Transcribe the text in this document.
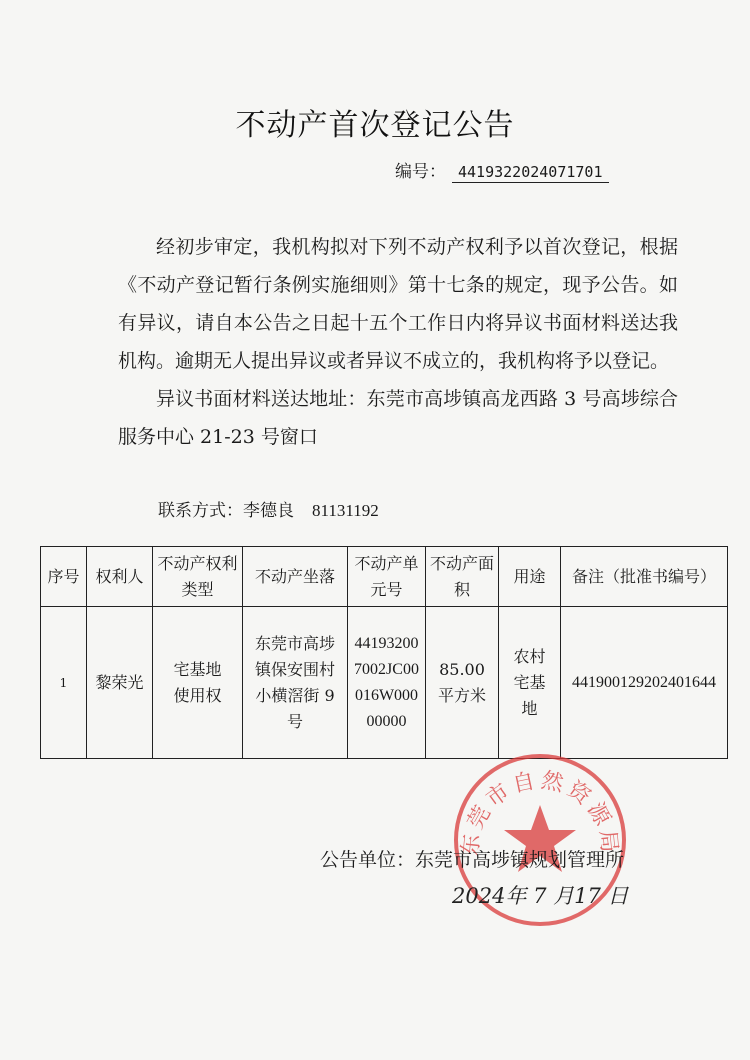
不动产首次登记公告
编号： 4419322024071701

经初步审定，我机构拟对下列不动产权利予以首次登记，根据《不动产登记暂行条例实施细则》第十七条的规定，现予公告。如有异议，请自本公告之日起十五个工作日内将异议书面材料送达我机构。逾期无人提出异议或者异议不成立的，我机构将予以登记。

异议书面材料送达地址：东莞市高埗镇高龙西路 3 号高埗综合服务中心 21-23 号窗口

联系方式：李德良 81131192
序号	权利人	不动产权利类型	不动产坐落	不动产单元号	不动产面积	用途	备注（批准书编号）
1	黎荣光	宅基地使用权	东莞市高埗镇保安围村小横滘街 9 号	441932007002JC00016W00000000	85.00平方米	农村宅基地	441900129202401644
东莞市自然资源局
公告单位：东莞市高埗镇规划管理所
2024年 7 月17 日
